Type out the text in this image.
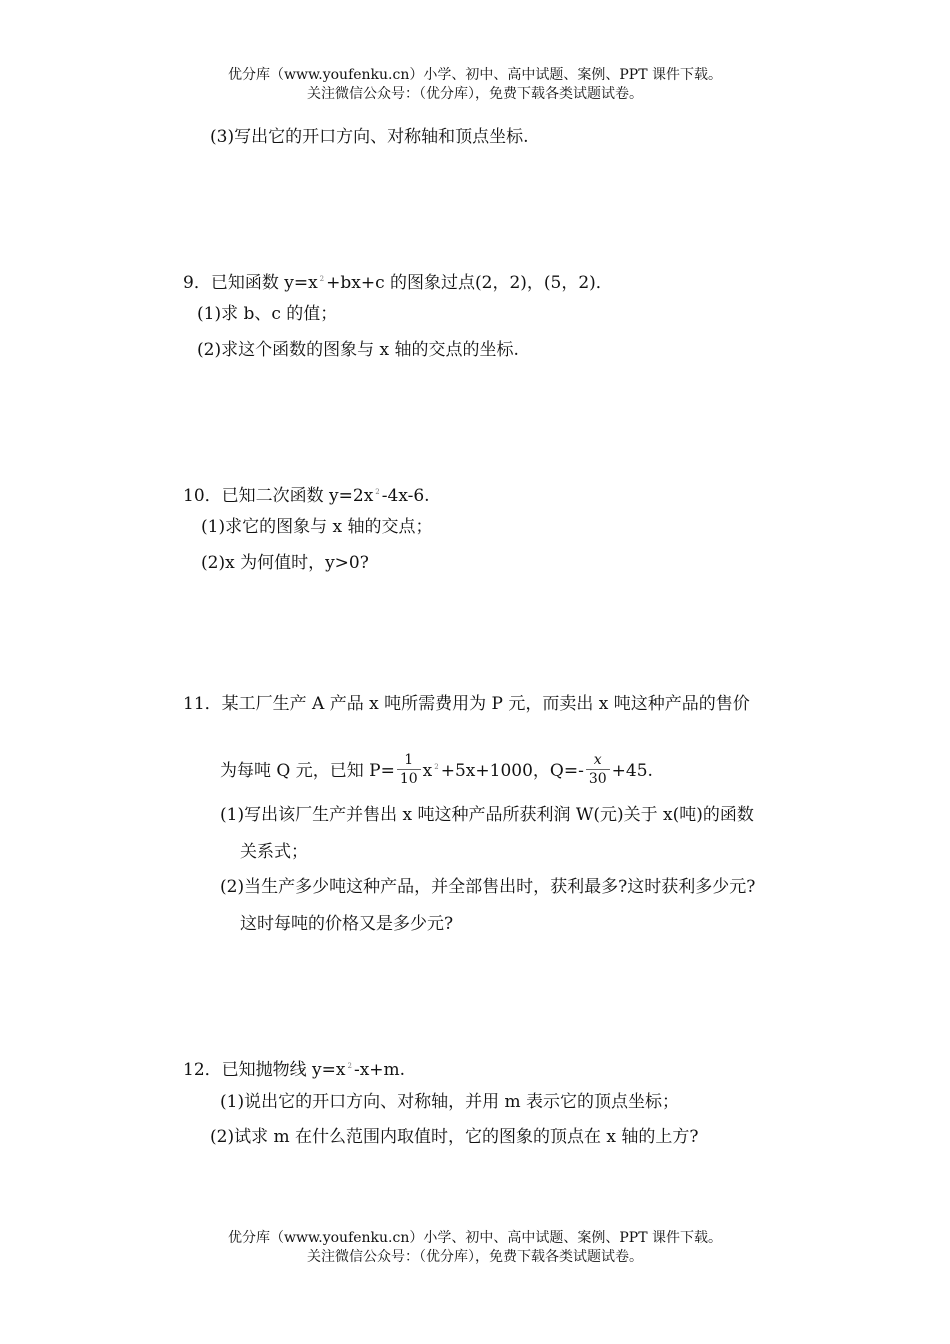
优分库（www.youfenku.cn）小学、初中、高中试题、案例、PPT 课件下载。
关注微信公众号：（优分库），免费下载各类试题试卷。
(3)写出它的开口方向、对称轴和顶点坐标.
9．已知函数 y=x $^2$ +bx+c 的图象过点(2，2)，(5，2)．
(1)求 b、c 的值；
(2)求这个函数的图象与 x 轴的交点的坐标.
10．已知二次函数 y=2x $^2$ -4x-6.
(1)求它的图象与 x 轴的交点；
(2)x 为何值时，y>0?
11．某工厂生产 A 产品 x 吨所需费用为 P 元，而卖出 x 吨这种产品的售价
为每吨 Q 元，已知 $P= \frac{1}{10}$ x $^2$ +5x+1000，$Q=- \frac{x}{30} +45$.
(1)写出该厂生产并售出 x 吨这种产品所获利润 W(元)关于 x(吨)的函数
关系式；
(2)当生产多少吨这种产品，并全部售出时，获利最多?这时获利多少元?
这时每吨的价格又是多少元?
12．已知抛物线 y=x $^2$ -x+m.
(1)说出它的开口方向、对称轴，并用 m 表示它的顶点坐标；
(2)试求 m 在什么范围内取值时，它的图象的顶点在 x 轴的上方?
优分库（www.youfenku.cn）小学、初中、高中试题、案例、PPT 课件下载。
关注微信公众号：（优分库），免费下载各类试题试卷。
